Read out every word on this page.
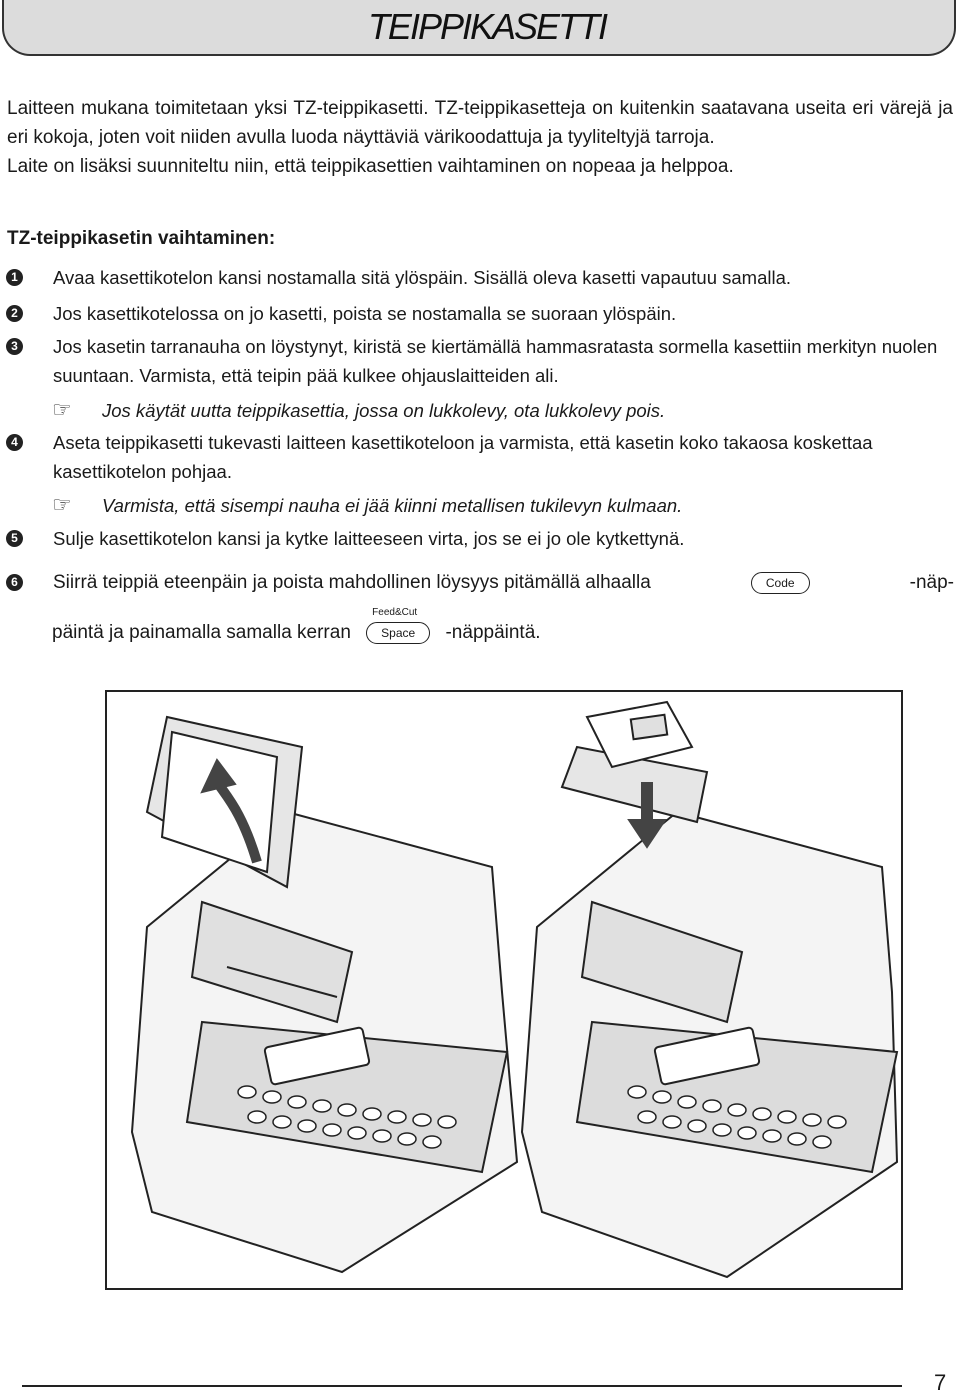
TEIPPIKASETTI

Laitteen mukana toimitetaan yksi TZ-teippikasetti. TZ-teippikasetteja on kuitenkin saatavana useita eri värejä ja eri kokoja, joten voit niiden avulla luoda näyttäviä värikoodattuja ja tyyliteltyjä tarroja.

Laite on lisäksi suunniteltu niin, että teippikasettien vaihtaminen on nopeaa ja helppoa.

TZ-teippikasetin vaihtaminen:
1 Avaa kasettikotelon kansi nostamalla sitä ylöspäin. Sisällä oleva kasetti vapautuu samalla.
2 Jos kasettikotelossa on jo kasetti, poista se nostamalla se suoraan ylöspäin.
3 Jos kasetin tarranauha on löystynyt, kiristä se kiertämällä hammasratasta sormella kasettiin merkityn nuolen suuntaan. Varmista, että teipin pää kulkee ohjauslaitteiden ali.
☞ Jos käytät uutta teippikasettia, jossa on lukkolevy, ota lukkolevy pois.
4 Aseta teippikasetti tukevasti laitteen kasettikoteloon ja varmista, että kasetin koko takaosa koskettaa kasettikotelon pohjaa.
☞ Varmista, että sisempi nauha ei jää kiinni metallisen tukilevyn kulmaan.
5 Sulje kasettikotelon kansi ja kytke laitteeseen virta, jos se ei jo ole kytkettynä.
6 Siirrä teippiä eteenpäin ja poista mahdollinen löysyys pitämällä alhaalla	Code	-näp-
päintä ja painamalla samalla kerran
Feed&Cut
Space -näppäintä.
7
